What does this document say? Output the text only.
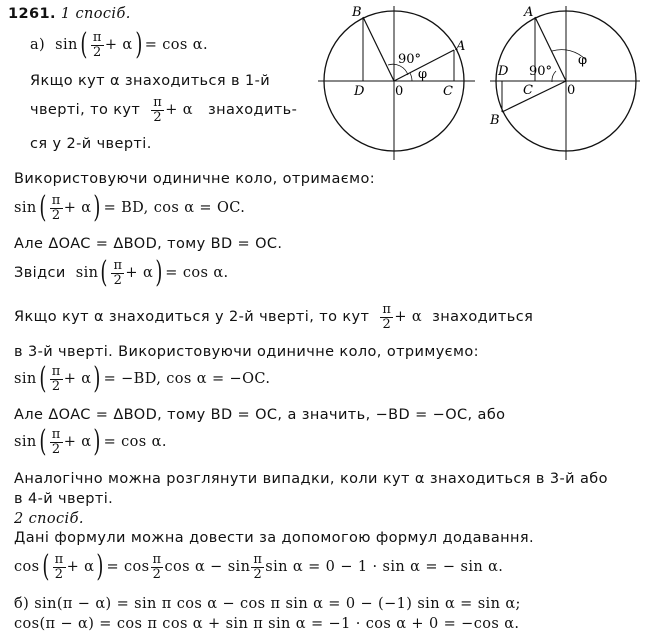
1261. 1 спосіб.
а) $\sin( \frac{\pi}{2} + \alpha) = \cos \alpha$.
Якщо кут α знаходиться в 1-й
чверті, то кут $\frac{\pi}{2} + \alpha$ знаходить-
ся у 2-й чверті.
B
A
D 0	C
90°
φ
A
B
D
C	0
90°
φ
Використовуючи одиничне коло, отримаємо:
$\sin( \frac{\pi}{2} + \alpha)$ = BD, cos α = OC.
Але ΔOAC = ΔBOD, тому BD = OC.
Звідси $\sin( \frac{\pi}{2} + \alpha) = \cos \alpha$.
Якщо кут α знаходиться у 2-й чверті, то кут $\frac{\pi}{2} + \alpha$ знаходиться
в 3-й чверті. Використовуючи одиничне коло, отримуємо:
$\sin( \frac{\pi}{2} + \alpha) = -BD$, cos α = −OC.
Але ΔOAC = ΔBOD, тому BD = OC, а значить, −BD = −OC, або
$\sin( \frac{\pi}{2} + \alpha) = \cos \alpha$.
Аналогічно можна розглянути випадки, коли кут α знаходиться в 3-й або
в 4-й чверті.
2 спосіб.
Дані формули можна довести за допомогою формул додавання.
$\cos( \frac{\pi}{2} + \alpha) = \cos \frac{\pi}{2}$ $\cos \alpha - \sin \frac{\pi}{2}$ sin α = 0 − 1 · sin α = − sin α.
б) sin(π − α) = sin π cos α − cos π sin α = 0 − (−1) sin α = sin α;
cos(π − α) = cos π cos α + sin π sin α = −1 · cos α + 0 = −cos α.
